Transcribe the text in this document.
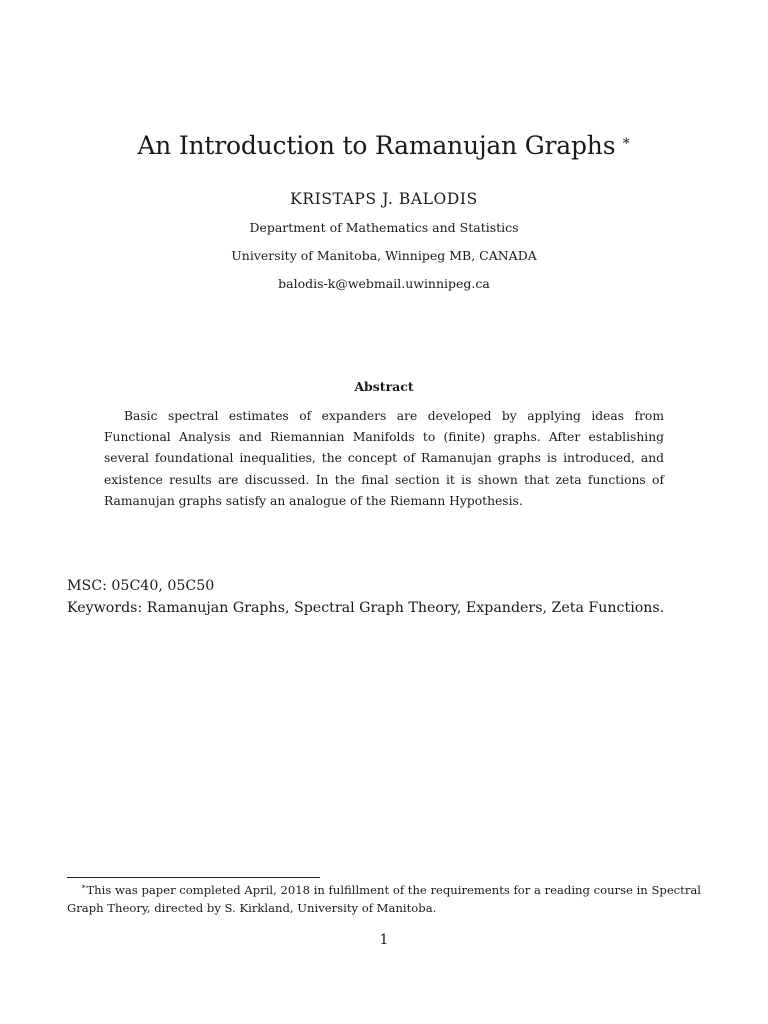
An Introduction to Ramanujan Graphs ∗
KRISTAPS J. BALODIS
Department of Mathematics and Statistics
University of Manitoba, Winnipeg MB, CANADA
balodis-k@webmail.uwinnipeg.ca
Abstract
Basic spectral estimates of expanders are developed by applying ideas from Functional Analysis and Riemannian Manifolds to (finite) graphs. After establishing several foundational inequalities, the concept of Ramanujan graphs is introduced, and existence results are discussed. In the final section it is shown that zeta functions of Ramanujan graphs satisfy an analogue of the Riemann Hypothesis.
MSC: 05C40, 05C50
Keywords: Ramanujan Graphs, Spectral Graph Theory, Expanders, Zeta Functions.
∗This was paper completed April, 2018 in fulfillment of the requirements for a reading course in Spectral Graph Theory, directed by S. Kirkland, University of Manitoba.
1
